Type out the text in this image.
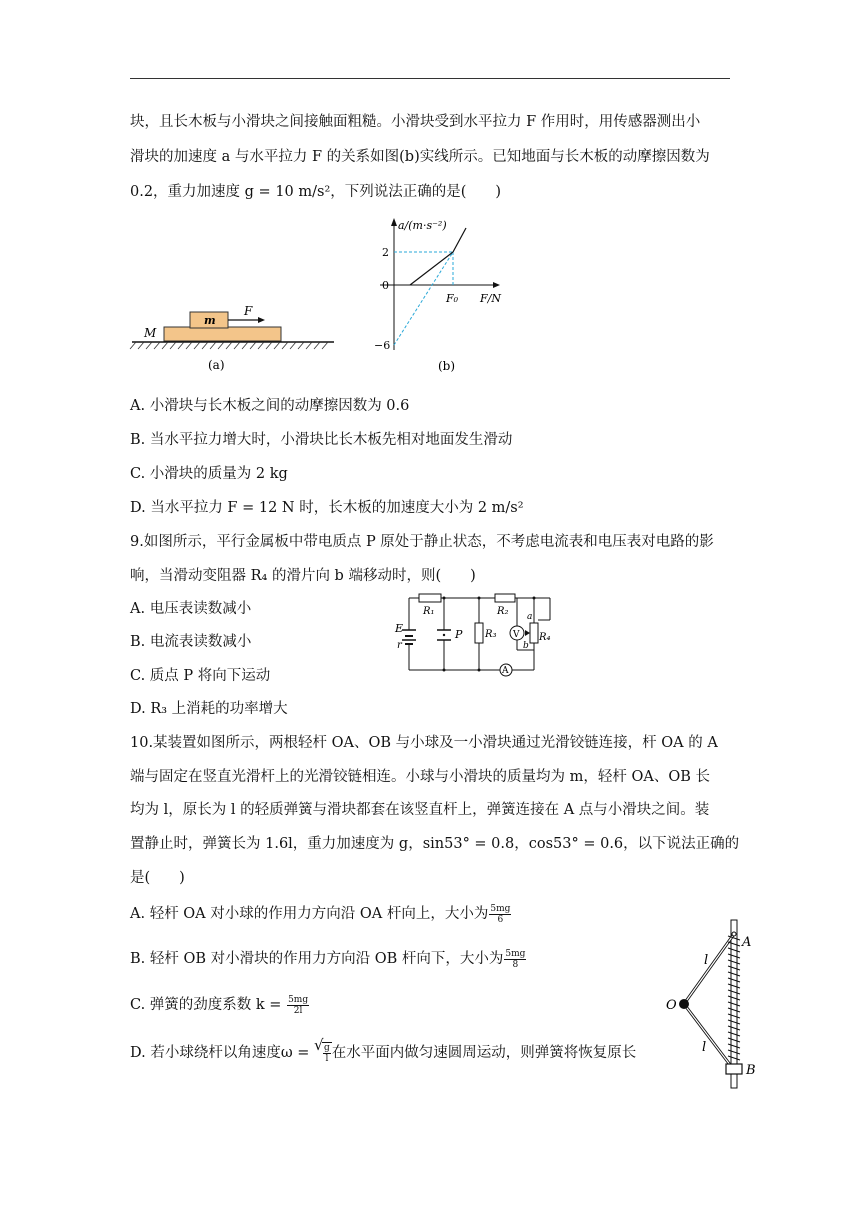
块，且长木板与小滑块之间接触面粗糙。小滑块受到水平拉力 F 作用时，用传感器测出小
滑块的加速度 a 与水平拉力 F 的关系如图(b)实线所示。已知地面与长木板的动摩擦因数为
0.2，重力加速度 g = 10 m/s²，下列说法正确的是(　　)
m
F
M
(a)
a/(m·s⁻²)
F/N
0
2
−6
F₀
(b)
A. 小滑块与长木板之间的动摩擦因数为 0.6
B. 当水平拉力增大时，小滑块比长木板先相对地面发生滑动
C. 小滑块的质量为 2 kg
D. 当水平拉力 F = 12 N 时，长木板的加速度大小为 2 m/s²
9.如图所示，平行金属板中带电质点 P 原处于静止状态，不考虑电流表和电压表对电路的影
响，当滑动变阻器 R₄ 的滑片向 b 端移动时，则(　　)
A. 电压表读数减小
B. 电流表读数减小
C. 质点 P 将向下运动
D. R₃ 上消耗的功率增大
E
r
R₁	R₂
R₃	R₄
P	V
A
a
b
10.某装置如图所示，两根轻杆 OA、OB 与小球及一小滑块通过光滑铰链连接，杆 OA 的 A
端与固定在竖直光滑杆上的光滑铰链相连。小球与小滑块的质量均为 m，轻杆 OA、OB 长
均为 l，原长为 l 的轻质弹簧与滑块都套在该竖直杆上，弹簧连接在 A 点与小滑块之间。装
置静止时，弹簧长为 1.6l，重力加速度为 g，sin53° = 0.8，cos53° = 0.6，以下说法正确的
是(　　)
A. 轻杆 OA 对小球的作用力方向沿 OA 杆向上，大小为 $\frac{5mg}{6}$
B. 轻杆 OB 对小滑块的作用力方向沿 OB 杆向下，大小为 $\frac{5mg}{8}$
C. 弹簧的劲度系数 $k = \frac{5mg}{2l}$
D. 若小球绕杆以角速度ω = √ $\frac{g}{l}$ 在水平面内做匀速圆周运动，则弹簧将恢复原长
A
B
O
l
l
